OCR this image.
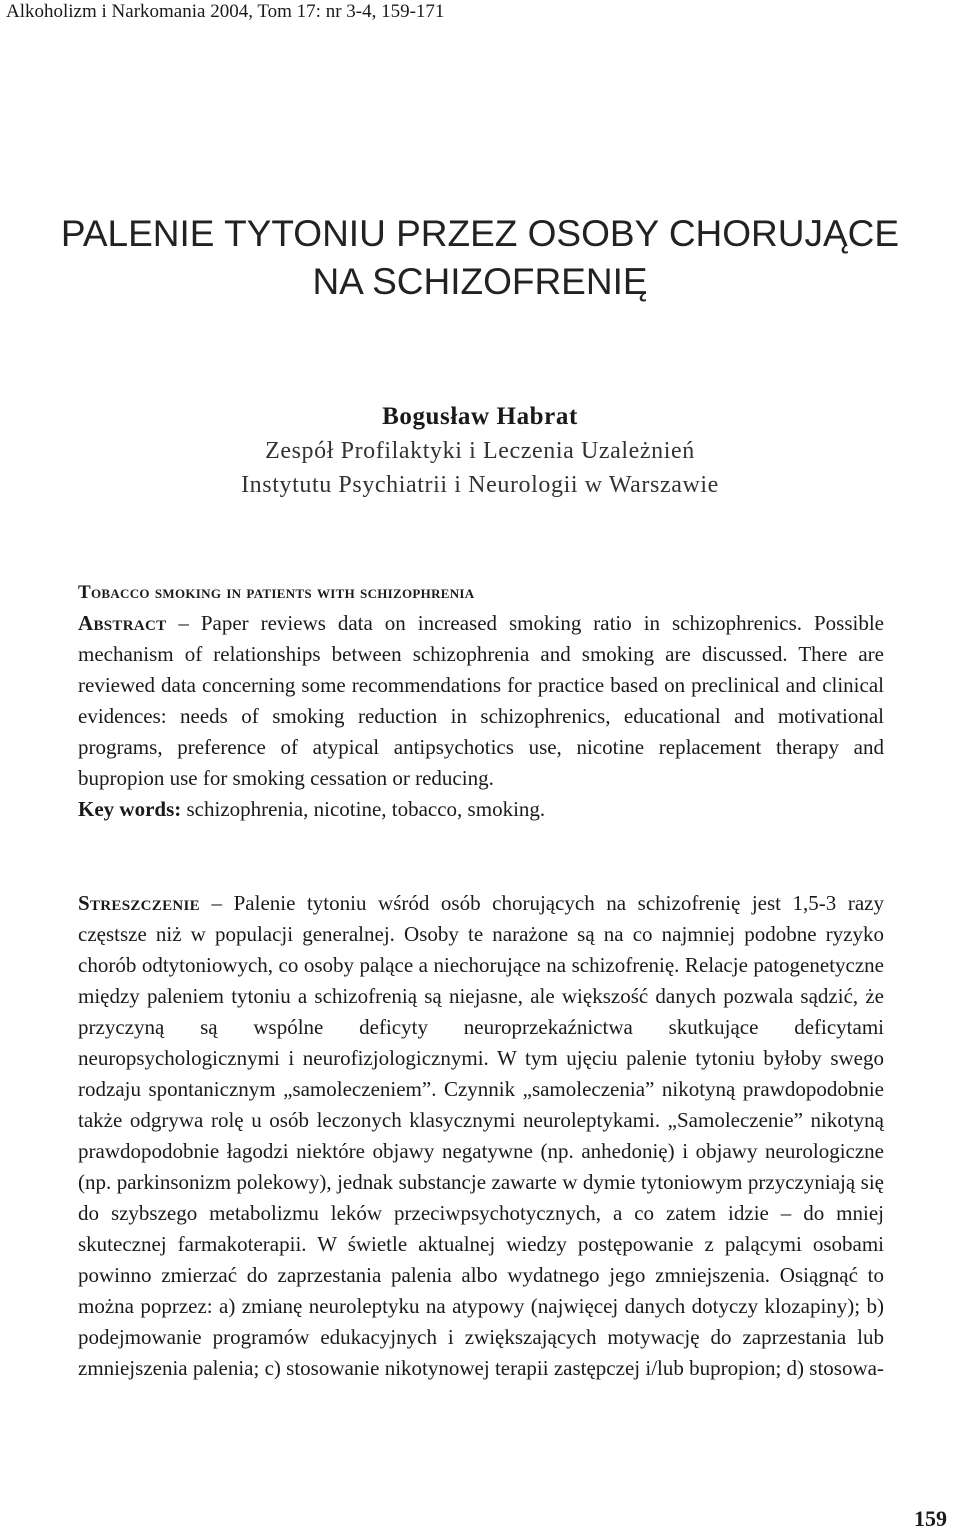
Alkoholizm i Narkomania 2004, Tom 17: nr 3-4, 159-171
PALENIE TYTONIU PRZEZ OSOBY CHORUJĄCE
NA SCHIZOFRENIĘ
Bogusław Habrat
Zespół Profilaktyki i Leczenia Uzależnień
Instytutu Psychiatrii i Neurologii w Warszawie
Tobacco smoking in patients with schizophrenia

Abstract – Paper reviews data on increased smoking ratio in schizophrenics. Possible mechanism of relationships between schizophrenia and smoking are discussed. There are reviewed data concerning some recommendations for practice based on preclinical and clinical evidences: needs of smoking reduction in schizophrenics, educational and motivational programs, preference of atypical antipsychotics use, nicotine replacement therapy and bupropion use for smoking cessation or reducing.

Key words: schizophrenia, nicotine, tobacco, smoking.

Streszczenie – Palenie tytoniu wśród osób chorujących na schizofrenię jest 1,5-3 razy częstsze niż w populacji generalnej. Osoby te narażone są na co najmniej podobne ryzyko chorób odtytoniowych, co osoby palące a niechorujące na schizofrenię. Relacje patogenetyczne między paleniem tytoniu a schizofrenią są niejasne, ale większość danych pozwala sądzić, że przyczyną są wspólne deficyty neuroprzekaźnictwa skutkujące deficytami neuropsychologicznymi i neurofizjologicznymi. W tym ujęciu palenie tytoniu byłoby swego rodzaju spontanicznym „samoleczeniem”. Czynnik „samoleczenia” nikotyną prawdopodobnie także odgrywa rolę u osób leczonych klasycznymi neuroleptykami. „Samoleczenie” nikotyną prawdopodobnie łagodzi niektóre objawy negatywne (np. anhedonię) i objawy neurologiczne (np. parkinsonizm polekowy), jednak substancje zawarte w dymie tytoniowym przyczyniają się do szybszego metabolizmu leków przeciwpsychotycznych, a co zatem idzie – do mniej skutecznej farmakoterapii. W świetle aktualnej wiedzy postępowanie z palącymi osobami powinno zmierzać do zaprzestania palenia albo wydatnego jego zmniejszenia. Osiągnąć to można poprzez: a) zmianę neuroleptyku na atypowy (najwięcej danych dotyczy klozapiny); b) podejmowanie programów edukacyjnych i zwiększających motywację do zaprzestania lub zmniejszenia palenia; c) stosowanie nikotynowej terapii zastępczej i/lub bupropion; d) stosowa-

159
